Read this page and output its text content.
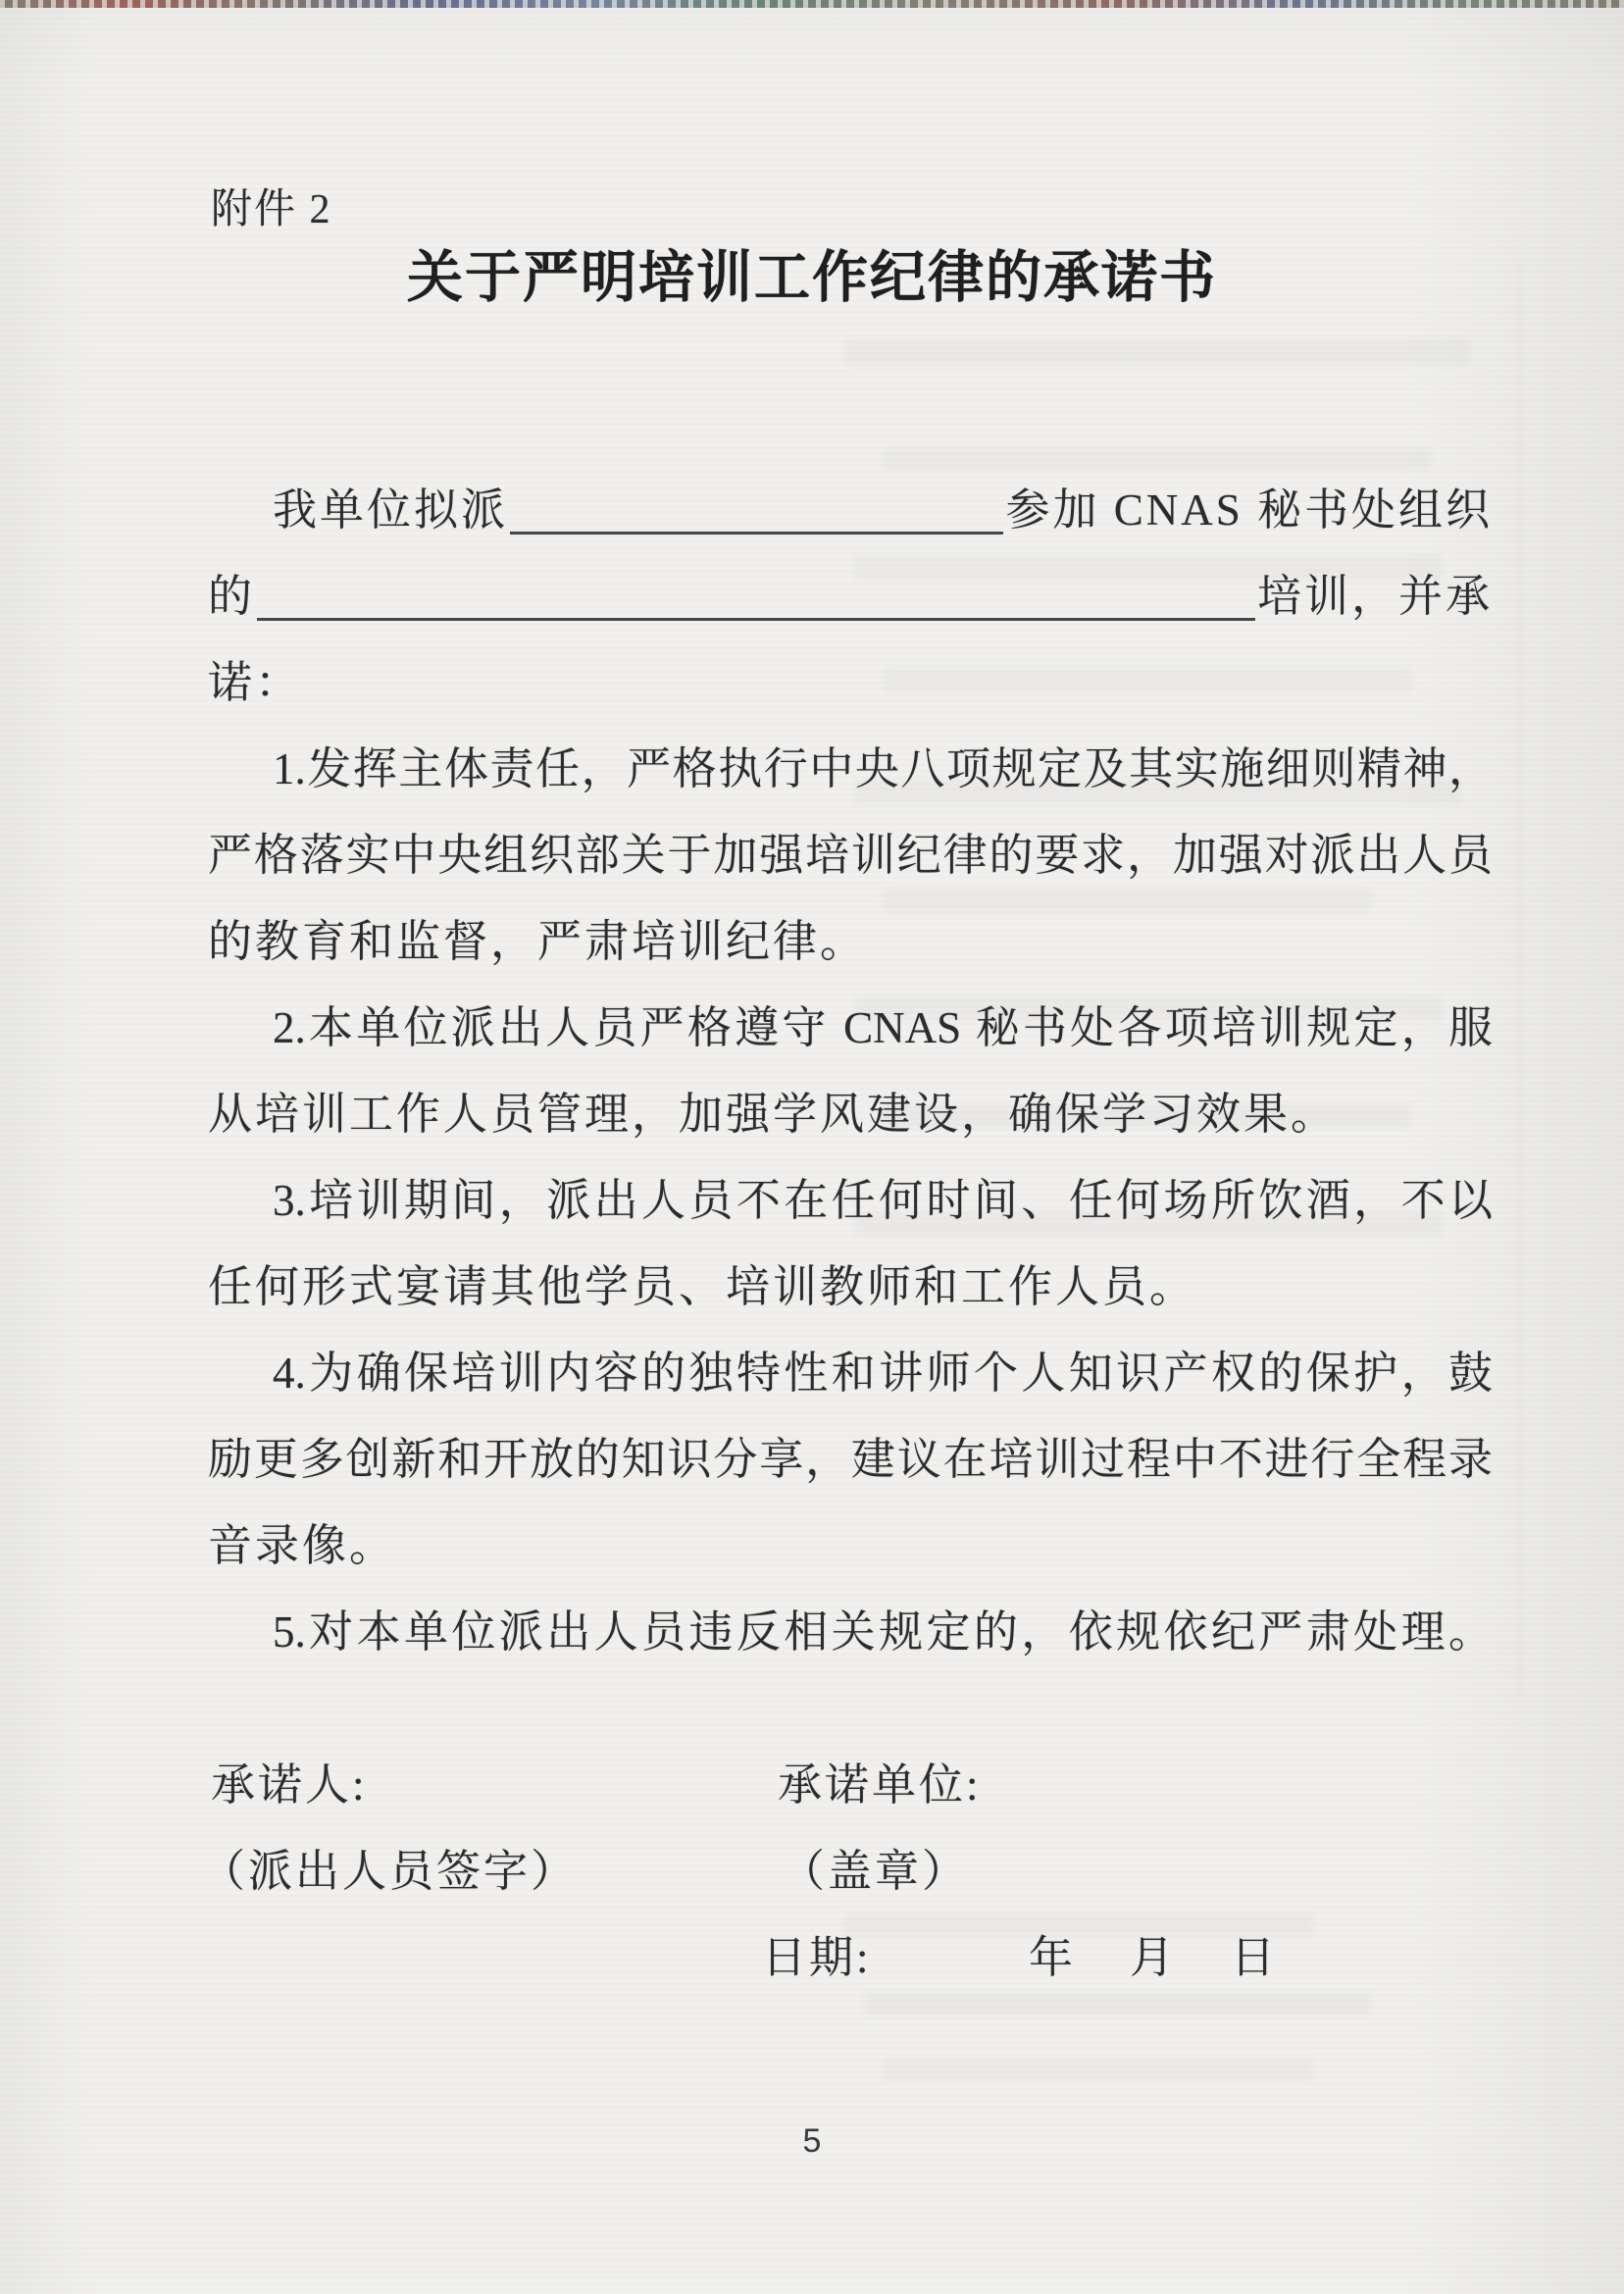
附件 2
关于严明培训工作纪律的承诺书
我单位拟派	参加 CNAS 秘书处组织
的	培训，并承
诺：
1.发挥主体责任，严格执行中央八项规定及其实施细则精神，
严格落实中央组织部关于加强培训纪律的要求，加强对派出人员
的教育和监督，严肃培训纪律。
2.本单位派出人员严格遵守 CNAS 秘书处各项培训规定，服
从培训工作人员管理，加强学风建设，确保学习效果。
3.培训期间，派出人员不在任何时间、任何场所饮酒，不以
任何形式宴请其他学员、培训教师和工作人员。
4.为确保培训内容的独特性和讲师个人知识产权的保护，鼓
励更多创新和开放的知识分享，建议在培训过程中不进行全程录
音录像。
5.对本单位派出人员违反相关规定的，依规依纪严肃处理。
承诺人:	承诺单位:
（派出人员签字）	（盖章）
日期:	年 月 日
5
